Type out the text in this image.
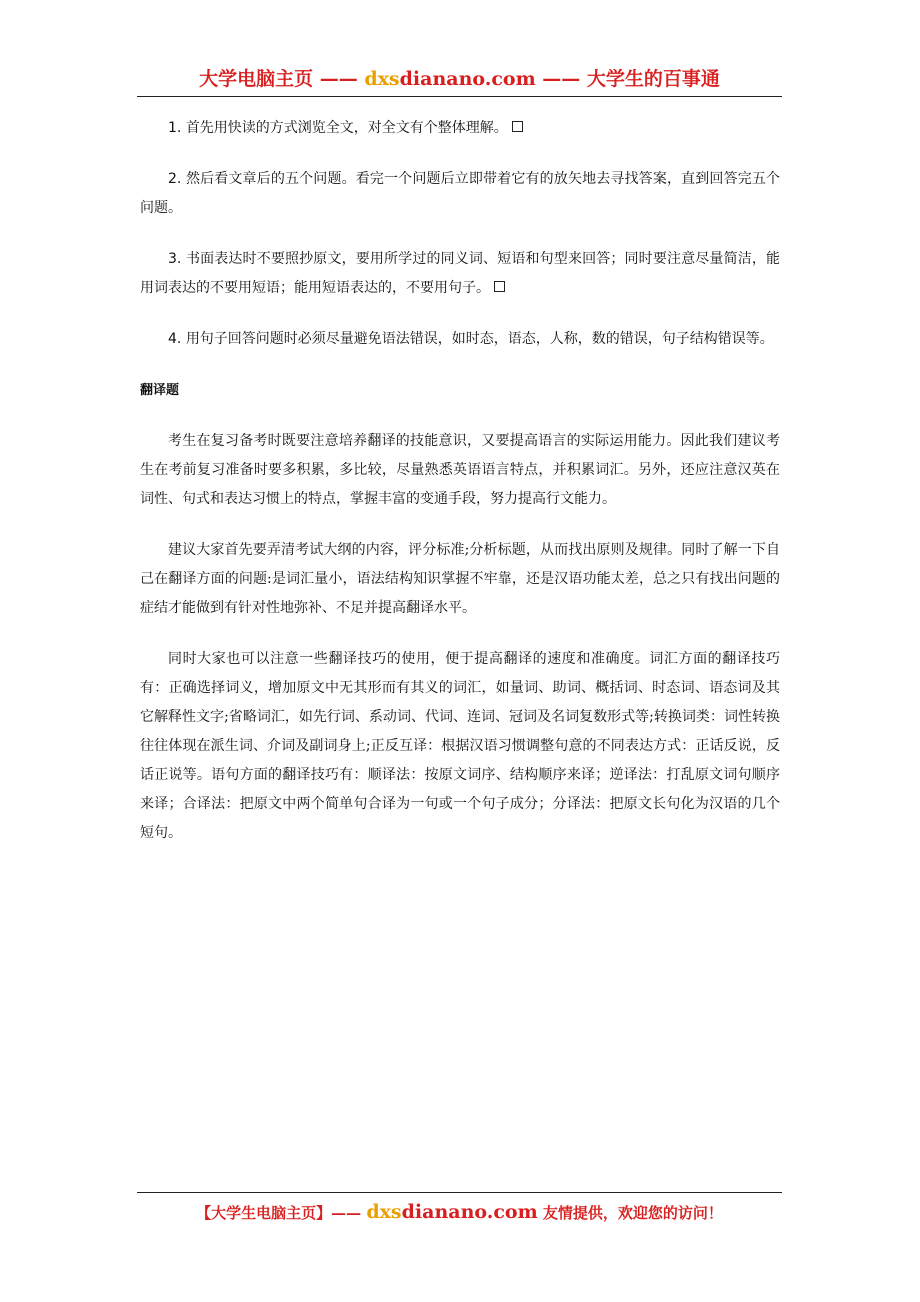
大学电脑主页 —— dxsdianano.com —— 大学生的百事通

1. 首先用快读的方式浏览全文，对全文有个整体理解。

2. 然后看文章后的五个问题。看完一个问题后立即带着它有的放矢地去寻找答案，直到回答完五个问题。

3. 书面表达时不要照抄原文，要用所学过的同义词、短语和句型来回答；同时要注意尽量简洁，能用词表达的不要用短语；能用短语表达的，不要用句子。

4. 用句子回答问题时必须尽量避免语法错误，如时态，语态，人称，数的错误，句子结构错误等。

翻译题

考生在复习备考时既要注意培养翻译的技能意识，又要提高语言的实际运用能力。因此我们建议考生在考前复习准备时要多积累，多比较，尽量熟悉英语语言特点，并积累词汇。另外，还应注意汉英在词性、句式和表达习惯上的特点，掌握丰富的变通手段，努力提高行文能力。

建议大家首先要弄清考试大纲的内容，评分标准;分析标题，从而找出原则及规律。同时了解一下自己在翻译方面的问题:是词汇量小，语法结构知识掌握不牢靠，还是汉语功能太差，总之只有找出问题的症结才能做到有针对性地弥补、不足并提高翻译水平。

同时大家也可以注意一些翻译技巧的使用，便于提高翻译的速度和准确度。词汇方面的翻译技巧有：正确选择词义，增加原文中无其形而有其义的词汇，如量词、助词、概括词、时态词、语态词及其它解释性文字;省略词汇，如先行词、系动词、代词、连词、冠词及名词复数形式等;转换词类：词性转换往往体现在派生词、介词及副词身上;正反互译：根据汉语习惯调整句意的不同表达方式：正话反说，反话正说等。语句方面的翻译技巧有：顺译法：按原文词序、结构顺序来译；逆译法：打乱原文词句顺序来译；合译法：把原文中两个简单句合译为一句或一个句子成分；分译法：把原文长句化为汉语的几个短句。

【大学生电脑主页】—— dxsdianano.com 友情提供，欢迎您的访问！
